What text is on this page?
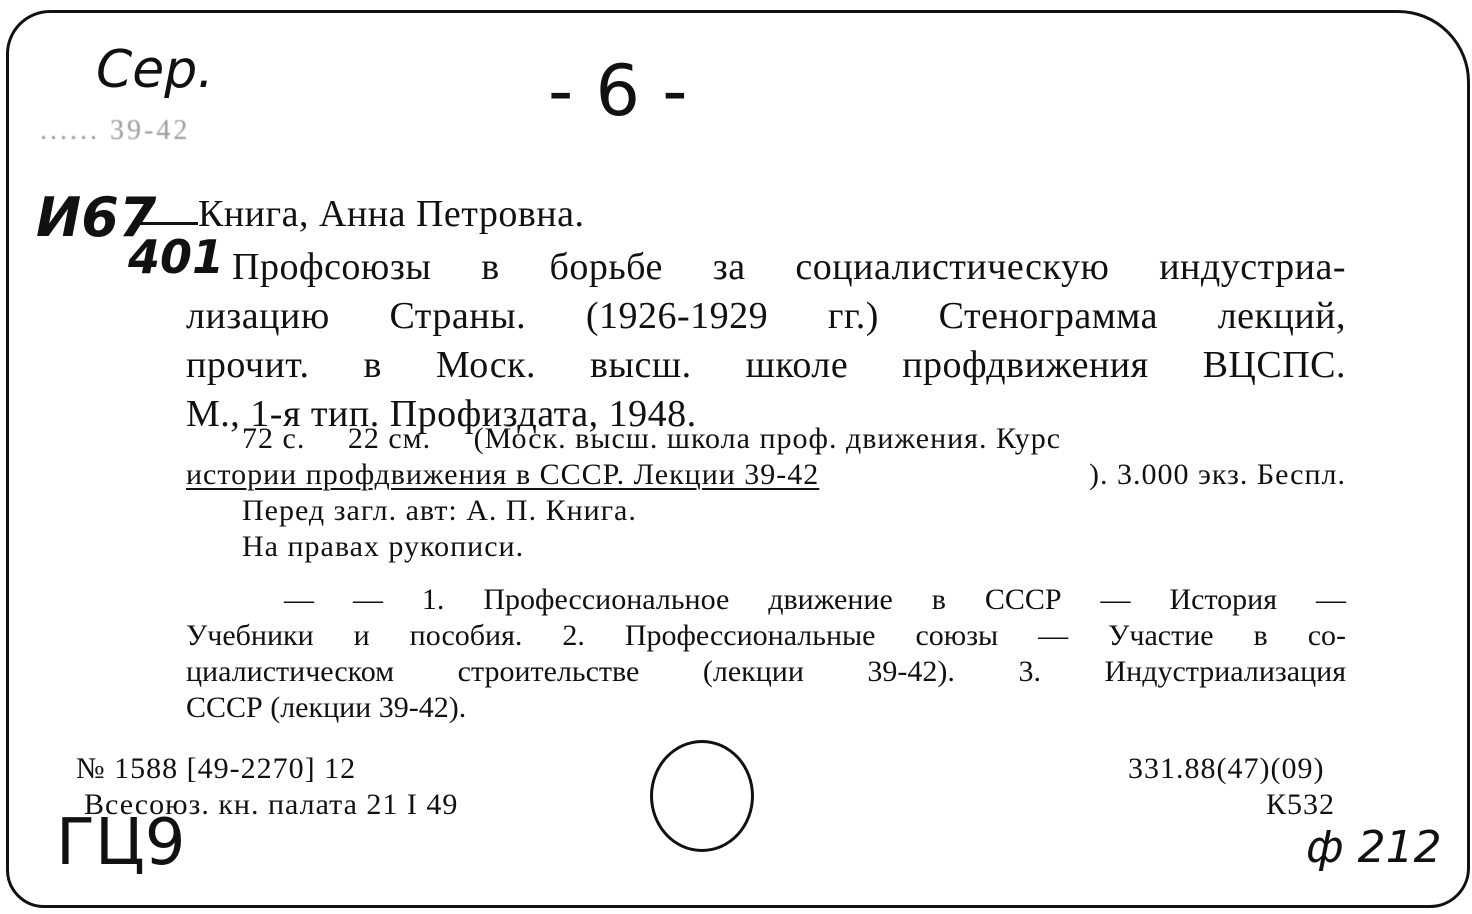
Сер.
...... 39-42	- 6 -
И67
401
Книга, Анна Петровна.
Профсоюзы в борьбе за социалистическую индустриа-
лизацию Страны. (1926-1929 гг.) Стенограмма лекций,
прочит. в Моск. высш. школе профдвижения ВЦСПС.
М., 1-я тип. Профиздата, 1948.
72 с.     22 см.     (Моск. высш. школа проф. движения. Курс
истории профдвижения в СССР. Лекции 39-42	). 3.000 экз. Беспл.
Перед загл. авт: А. П. Книга.
На правах рукописи.
— — 1. Профессиональное движение в СССР — История —
Учебники и пособия. 2. Профессиональные союзы — Участие в со-
циалистическом строительстве (лекции 39-42). 3. Индустриализация
СССР (лекции 39-42).
№ 1588 [49-2270] 12
Всесоюз. кн. палата 21 I 49
331.88(47)(09)
К532
ГЦ9	ф 212
